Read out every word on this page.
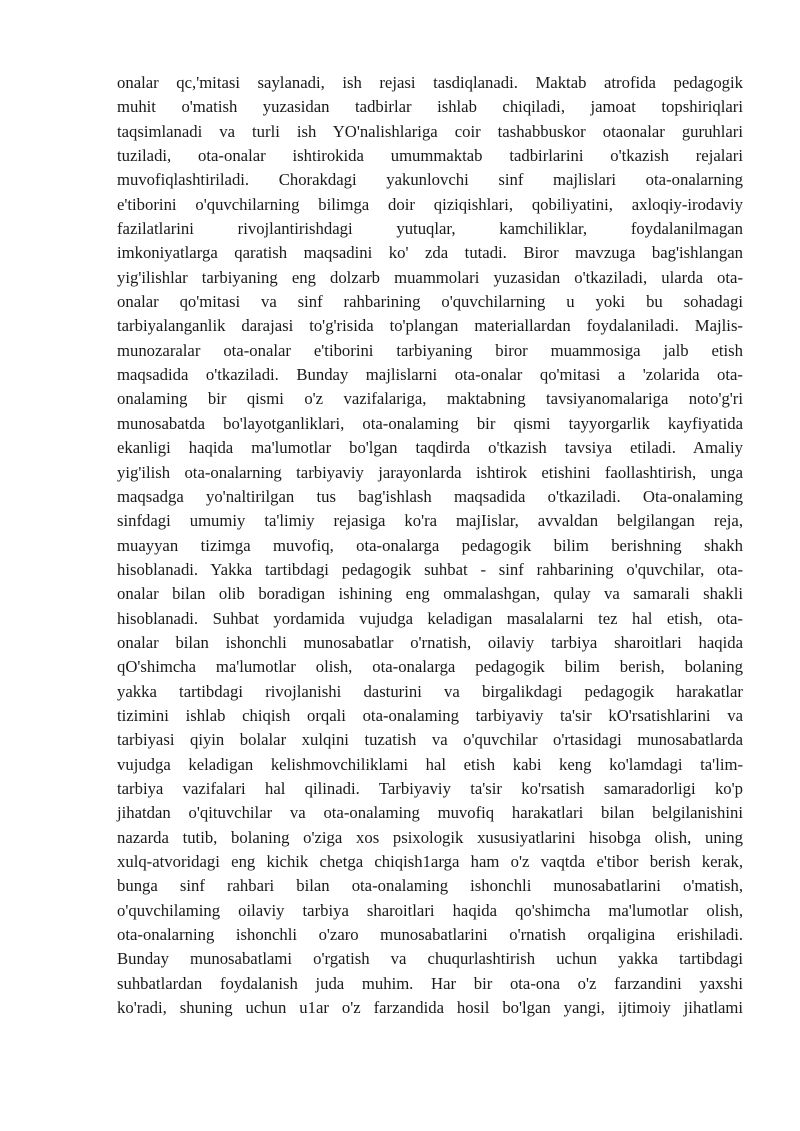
onalar qc,'mitasi saylanadi, ish rejasi tasdiqlanadi. Maktab atrofida pedagogik
muhit o'matish yuzasidan tadbirlar ishlab chiqiladi, jamoat topshiriqlari
taqsimlanadi va turli ish YO'nalishlariga coir tashabbuskor otaonalar guruhlari
tuziladi, ota-onalar ishtirokida umummaktab tadbirlarini o'tkazish rejalari
muvofiqlashtiriladi. Chorakdagi yakunlovchi sinf majlislari ota-onalarning
e'tiborini o'quvchilarning bilimga doir qiziqishlari, qobiliyatini, axloqiy-irodaviy
fazilatlarini rivojlantirishdagi yutuqlar, kamchiliklar, foydalanilmagan
imkoniyatlarga qaratish maqsadini ko' zda tutadi. Biror mavzuga bag'ishlangan
yig'ilishlar tarbiyaning eng dolzarb muammolari yuzasidan o'tkaziladi, ularda ota-
onalar qo'mitasi va sinf rahbarining o'quvchilarning u yoki bu sohadagi
tarbiyalanganlik darajasi to'g'risida to'plangan materiallardan foydalaniladi. Majlis-
munozaralar ota-onalar e'tiborini tarbiyaning biror muammosiga jalb etish
maqsadida o'tkaziladi. Bunday majlislarni ota-onalar qo'mitasi a 'zolarida ota-
onalaming bir qismi o'z vazifalariga, maktabning tavsiyanomalariga noto'g'ri
munosabatda bo'layotganliklari, ota-onalaming bir qismi tayyorgarlik kayfiyatida
ekanligi haqida ma'lumotlar bo'lgan taqdirda o'tkazish tavsiya etiladi. Amaliy
yig'ilish ota-onalarning tarbiyaviy jarayonlarda ishtirok etishini faollashtirish, unga
maqsadga yo'naltirilgan tus bag'ishlash maqsadida o'tkaziladi. Ota-onalaming
sinfdagi umumiy ta'limiy rejasiga ko'ra majIislar, avvaldan belgilangan reja,
muayyan tizimga muvofiq, ota-onalarga pedagogik bilim berishning shakh
hisoblanadi. Yakka tartibdagi pedagogik suhbat - sinf rahbarining o'quvchilar, ota-
onalar bilan olib boradigan ishining eng ommalashgan, qulay va samarali shakli
hisoblanadi. Suhbat yordamida vujudga keladigan masalalarni tez hal etish, ota-
onalar bilan ishonchli munosabatlar o'rnatish, oilaviy tarbiya sharoitlari haqida
qO'shimcha ma'lumotlar olish, ota-onalarga pedagogik bilim berish, bolaning
yakka tartibdagi rivojlanishi dasturini va birgalikdagi pedagogik harakatlar
tizimini ishlab chiqish orqali ota-onalaming tarbiyaviy ta'sir kO'rsatishlarini va
tarbiyasi qiyin bolalar xulqini tuzatish va o'quvchilar o'rtasidagi munosabatlarda
vujudga keladigan kelishmovchiliklami hal etish kabi keng ko'lamdagi ta'lim-
tarbiya vazifalari hal qilinadi. Tarbiyaviy ta'sir ko'rsatish samaradorligi ko'p
jihatdan o'qituvchilar va ota-onalaming muvofiq harakatlari bilan belgilanishini
nazarda tutib, bolaning o'ziga xos psixologik xususiyatlarini hisobga olish, uning
xulq-atvoridagi eng kichik chetga chiqish1arga ham o'z vaqtda e'tibor berish kerak,
bunga sinf rahbari bilan ota-onalaming ishonchli munosabatlarini o'matish,
o'quvchilaming oilaviy tarbiya sharoitlari haqida qo'shimcha ma'lumotlar olish,
ota-onalarning ishonchli o'zaro munosabatlarini o'rnatish orqaligina erishiladi.
Bunday munosabatlami o'rgatish va chuqurlashtirish uchun yakka tartibdagi
suhbatlardan foydalanish juda muhim. Har bir ota-ona o'z farzandini yaxshi
ko'radi, shuning uchun u1ar o'z farzandida hosil bo'lgan yangi, ijtimoiy jihatlami
